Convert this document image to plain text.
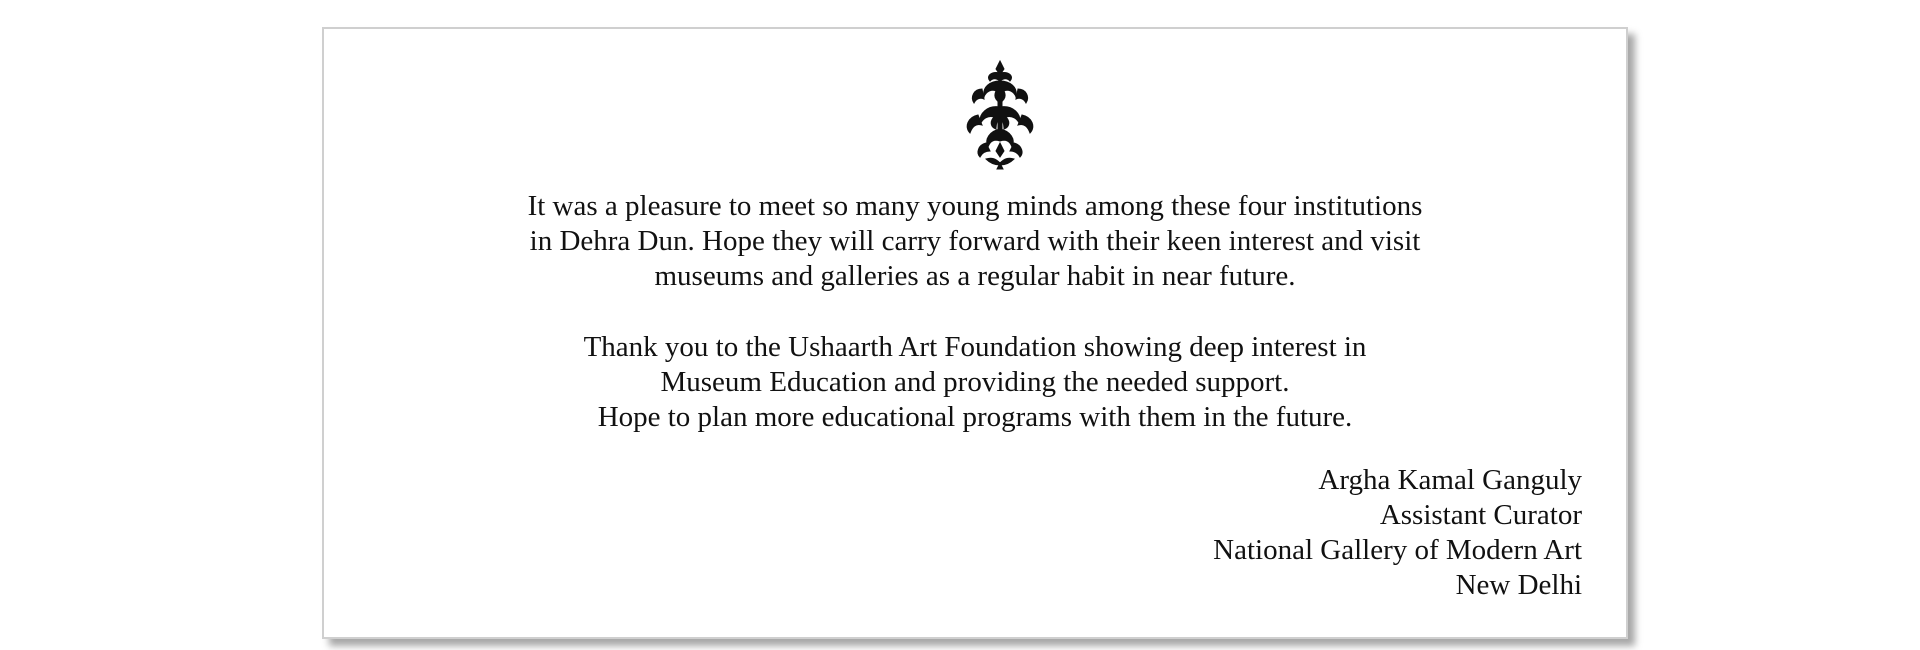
It was a pleasure to meet so many young minds among these four institutions
in Dehra Dun. Hope they will carry forward with their keen interest and visit
museums and galleries as a regular habit in near future.

Thank you to the Ushaarth Art Foundation showing deep interest in
Museum Education and providing the needed support.
Hope to plan more educational programs with them in the future.

Argha Kamal Ganguly
Assistant Curator
National Gallery of Modern Art
New Delhi
